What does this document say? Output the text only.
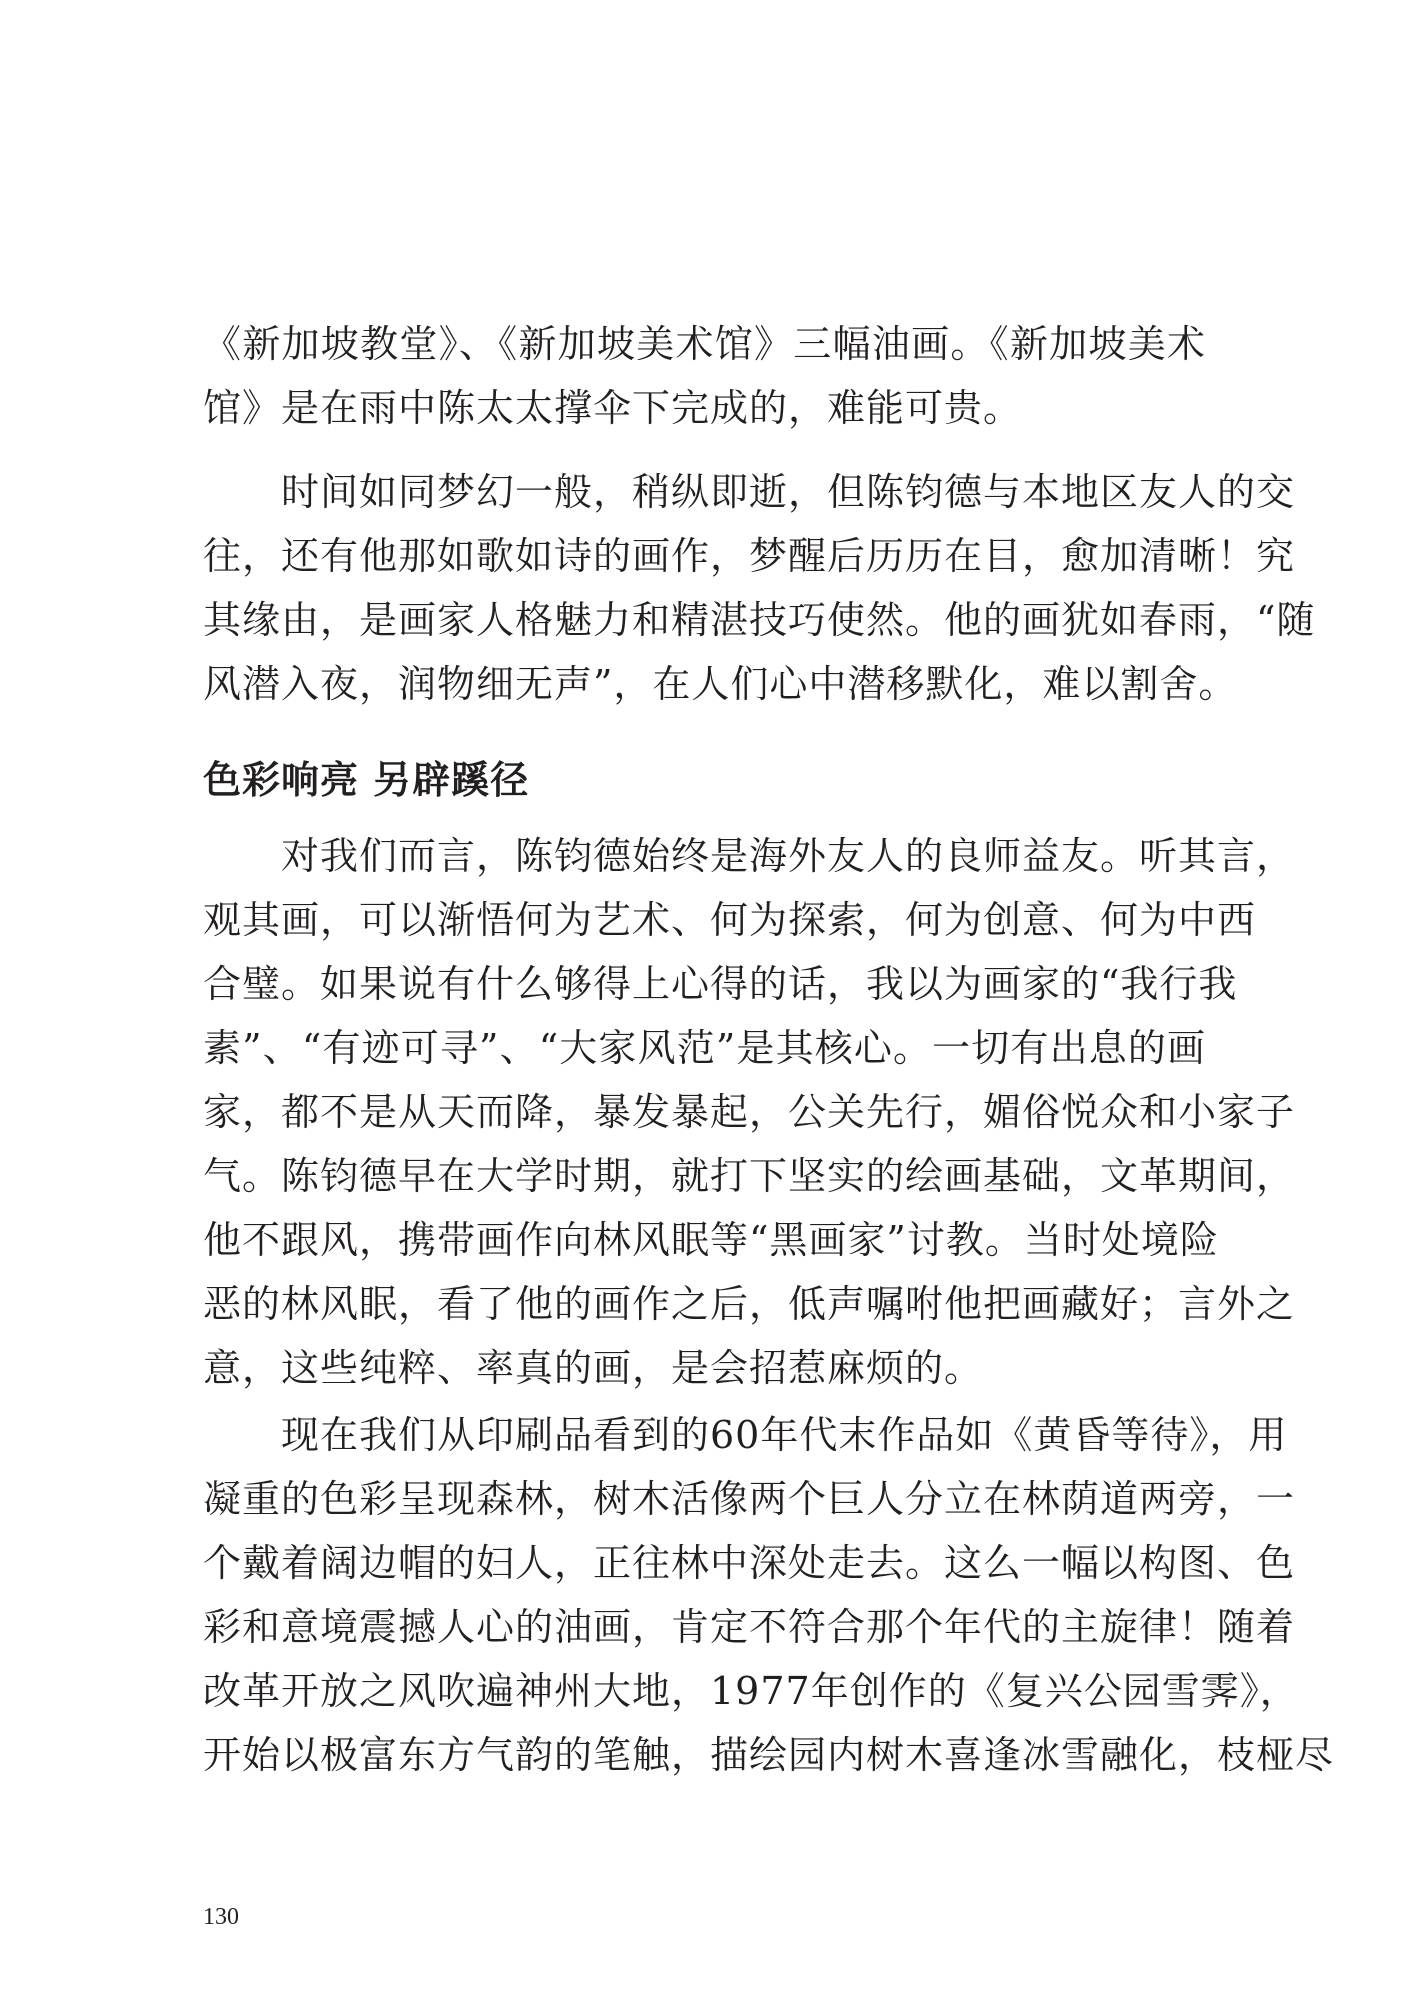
《新加坡教堂》、《新加坡美术馆》三幅油画。《新加坡美术
馆》是在雨中陈太太撑伞下完成的，难能可贵。
时间如同梦幻一般，稍纵即逝，但陈钧德与本地区友人的交
往，还有他那如歌如诗的画作，梦醒后历历在目，愈加清晰！究
其缘由，是画家人格魅力和精湛技巧使然。他的画犹如春雨，“随
风潜入夜，润物细无声”，在人们心中潜移默化，难以割舍。
色彩响亮 另辟蹊径
对我们而言，陈钧德始终是海外友人的良师益友。听其言，
观其画，可以渐悟何为艺术、何为探索，何为创意、何为中西
合璧。如果说有什么够得上心得的话，我以为画家的“我行我
素”、“有迹可寻”、“大家风范”是其核心。一切有出息的画
家，都不是从天而降，暴发暴起，公关先行，媚俗悦众和小家子
气。陈钧德早在大学时期，就打下坚实的绘画基础，文革期间，
他不跟风，携带画作向林风眠等“黑画家”讨教。当时处境险
恶的林风眠，看了他的画作之后，低声嘱咐他把画藏好；言外之
意，这些纯粹、率真的画，是会招惹麻烦的。
现在我们从印刷品看到的60年代末作品如《黄昏等待》，用
凝重的色彩呈现森林，树木活像两个巨人分立在林荫道两旁，一
个戴着阔边帽的妇人，正往林中深处走去。这么一幅以构图、色
彩和意境震撼人心的油画，肯定不符合那个年代的主旋律！随着
改革开放之风吹遍神州大地，1977年创作的《复兴公园雪霁》，
开始以极富东方气韵的笔触，描绘园内树木喜逢冰雪融化，枝桠尽
130
